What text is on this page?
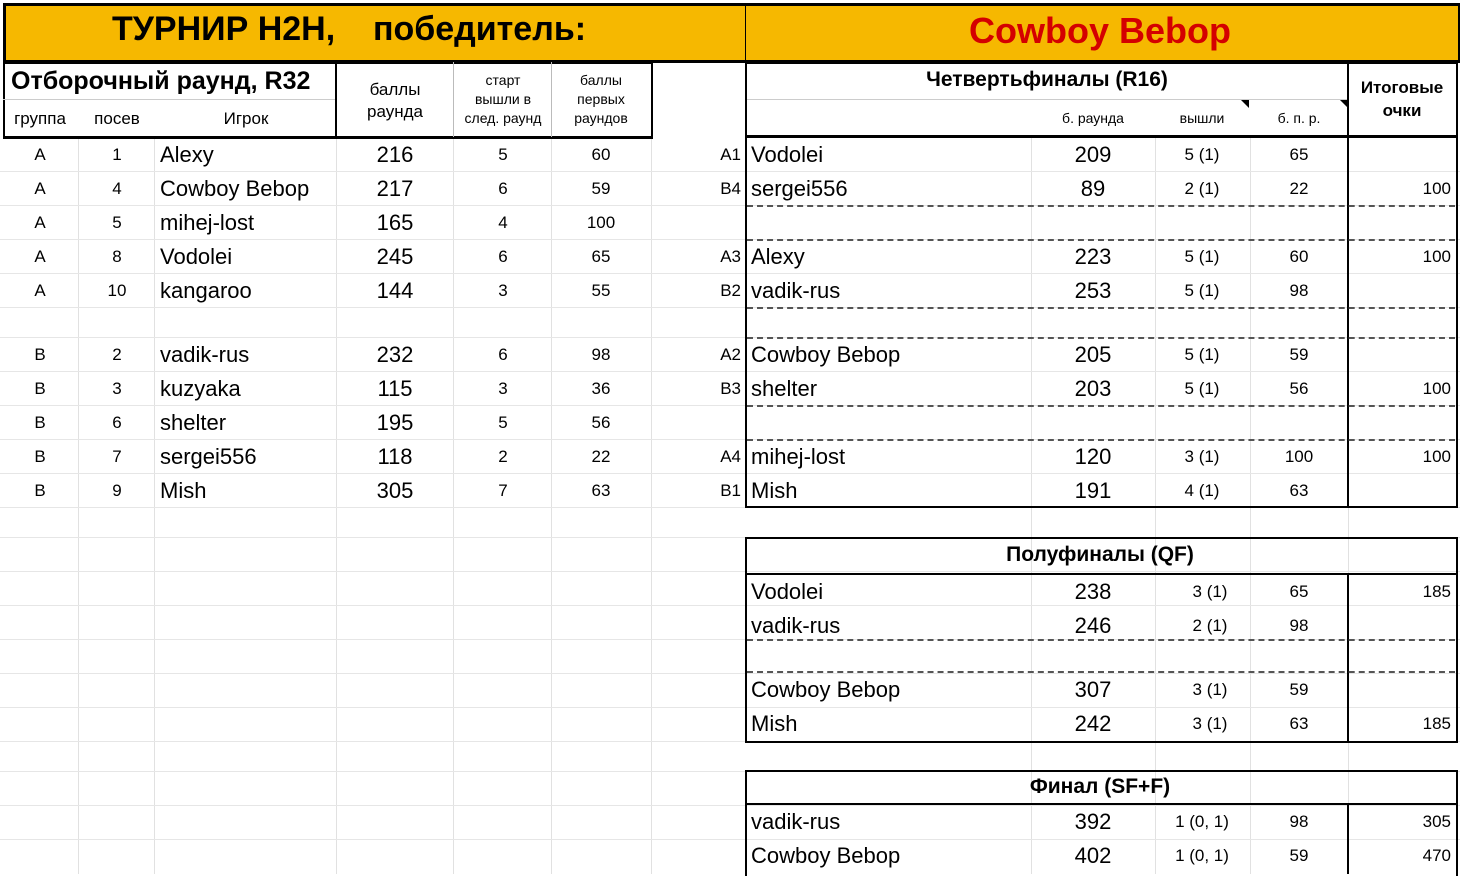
ТУРНИР H2H,    победитель:	Cowboy Bebop
Отборочный раунд, R32
группа посев	Игрок
баллы
раунда
старт
вышли в
след. раунд
баллы
первых
раундов
A	1 Alexy	216	5	60
A	4 Cowboy Bebop	217	6	59
A	5 mihej-lost	165	4	100
A	8 Vodolei	245	6	65
A	10 kangaroo	144	3	55
B	2 vadik-rus	232	6	98
B	3 kuzyaka	115	3	36
B	6 shelter	195	5	56
B	7 sergei556	118	2	22
B	9 Mish	305	7	63
Четвертьфиналы (R16)
б. раунда	вышли	б. п. р.
Итоговые
очки
A1 Vodolei	209	5 (1)	65
B4 sergei556	89	2 (1)	22	100
A3 Alexy	223	5 (1)	60	100
B2 vadik-rus	253	5 (1)	98
A2 Cowboy Bebop	205	5 (1)	59
B3 shelter	203	5 (1)	56	100
A4 mihej-lost	120	3 (1)	100	100
B1 Mish	191	4 (1)	63
Полуфиналы (QF)
Vodolei	238	3 (1)	65	185
vadik-rus	246	2 (1)	98
Cowboy Bebop	307	3 (1)	59
Mish	242	3 (1)	63	185
Финал (SF+F)
vadik-rus	392	1 (0, 1)	98	305
Cowboy Bebop	402	1 (0, 1)	59	470
